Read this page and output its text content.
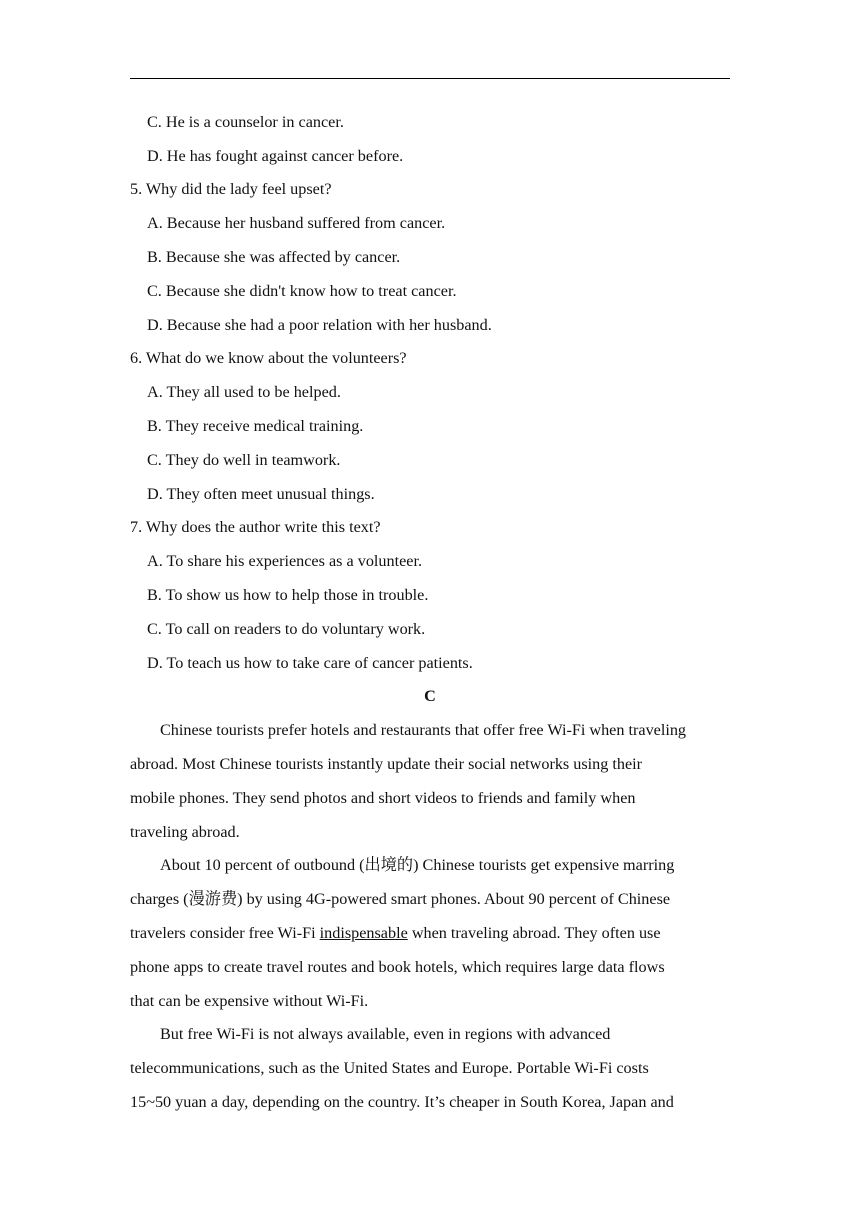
C. He is a counselor in cancer.
D. He has fought against cancer before.
5. Why did the lady feel upset?
A. Because her husband suffered from cancer.
B. Because she was affected by cancer.
C. Because she didn't know how to treat cancer.
D. Because she had a poor relation with her husband.
6. What do we know about the volunteers?
A. They all used to be helped.
B. They receive medical training.
C. They do well in teamwork.
D. They often meet unusual things.
7. Why does the author write this text?
A. To share his experiences as a volunteer.
B. To show us how to help those in trouble.
C. To call on readers to do voluntary work.
D. To teach us how to take care of cancer patients.
C
Chinese tourists prefer hotels and restaurants that offer free Wi-Fi when traveling
abroad. Most Chinese tourists instantly update their social networks using their
mobile phones. They send photos and short videos to friends and family when
traveling abroad.
About 10 percent of outbound (出境的) Chinese tourists get expensive marring
charges (漫游费) by using 4G-powered smart phones. About 90 percent of Chinese
travelers consider free Wi-Fi indispensable when traveling abroad. They often use
phone apps to create travel routes and book hotels, which requires large data flows
that can be expensive without Wi-Fi.
But free Wi-Fi is not always available, even in regions with advanced
telecommunications, such as the United States and Europe. Portable Wi-Fi costs
15~50 yuan a day, depending on the country. It’s cheaper in South Korea, Japan and
